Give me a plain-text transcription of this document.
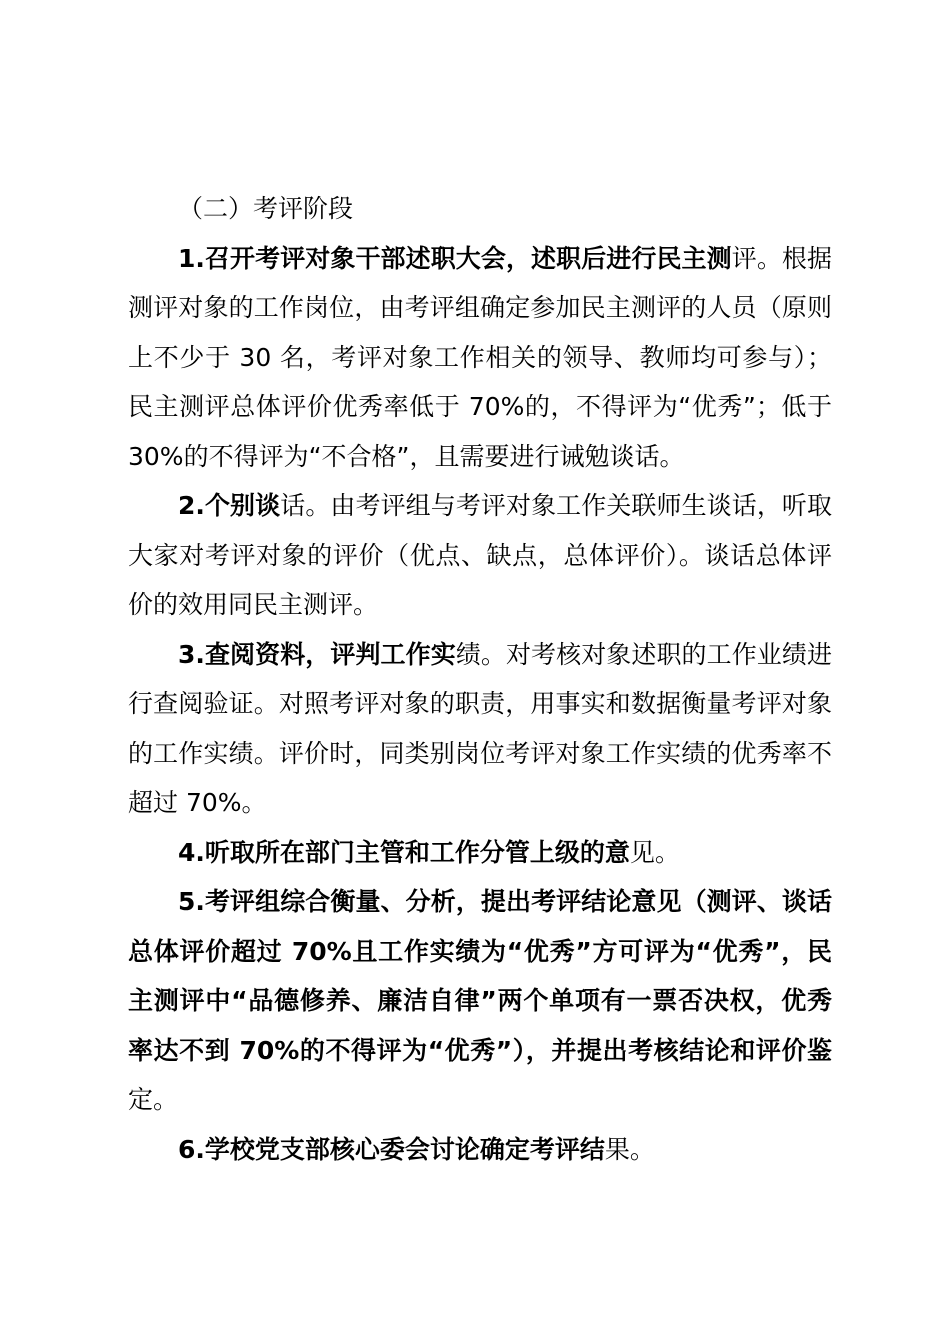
（二）考评阶段

1.召开考评对象干部述职大会，述职后进行民主测评。根据测评对象的工作岗位，由考评组确定参加民主测评的人员（原则上不少于 30 名，考评对象工作相关的领导、教师均可参与）；民主测评总体评价优秀率低于 70%的，不得评为“优秀”；低于 30%的不得评为“不合格”，且需要进行诫勉谈话。

2.个别谈话。由考评组与考评对象工作关联师生谈话，听取大家对考评对象的评价（优点、缺点，总体评价）。谈话总体评价的效用同民主测评。

3.查阅资料，评判工作实绩。对考核对象述职的工作业绩进行查阅验证。对照考评对象的职责，用事实和数据衡量考评对象的工作实绩。评价时，同类别岗位考评对象工作实绩的优秀率不超过 70%。

4.听取所在部门主管和工作分管上级的意见。

5.考评组综合衡量、分析，提出考评结论意见（测评、谈话总体评价超过 70%且工作实绩为“优秀”方可评为“优秀”，民主测评中“品德修养、廉洁自律”两个单项有一票否决权，优秀率达不到 70%的不得评为“优秀”），并提出考核结论和评价鉴定。

6.学校党支部核心委会讨论确定考评结果。
